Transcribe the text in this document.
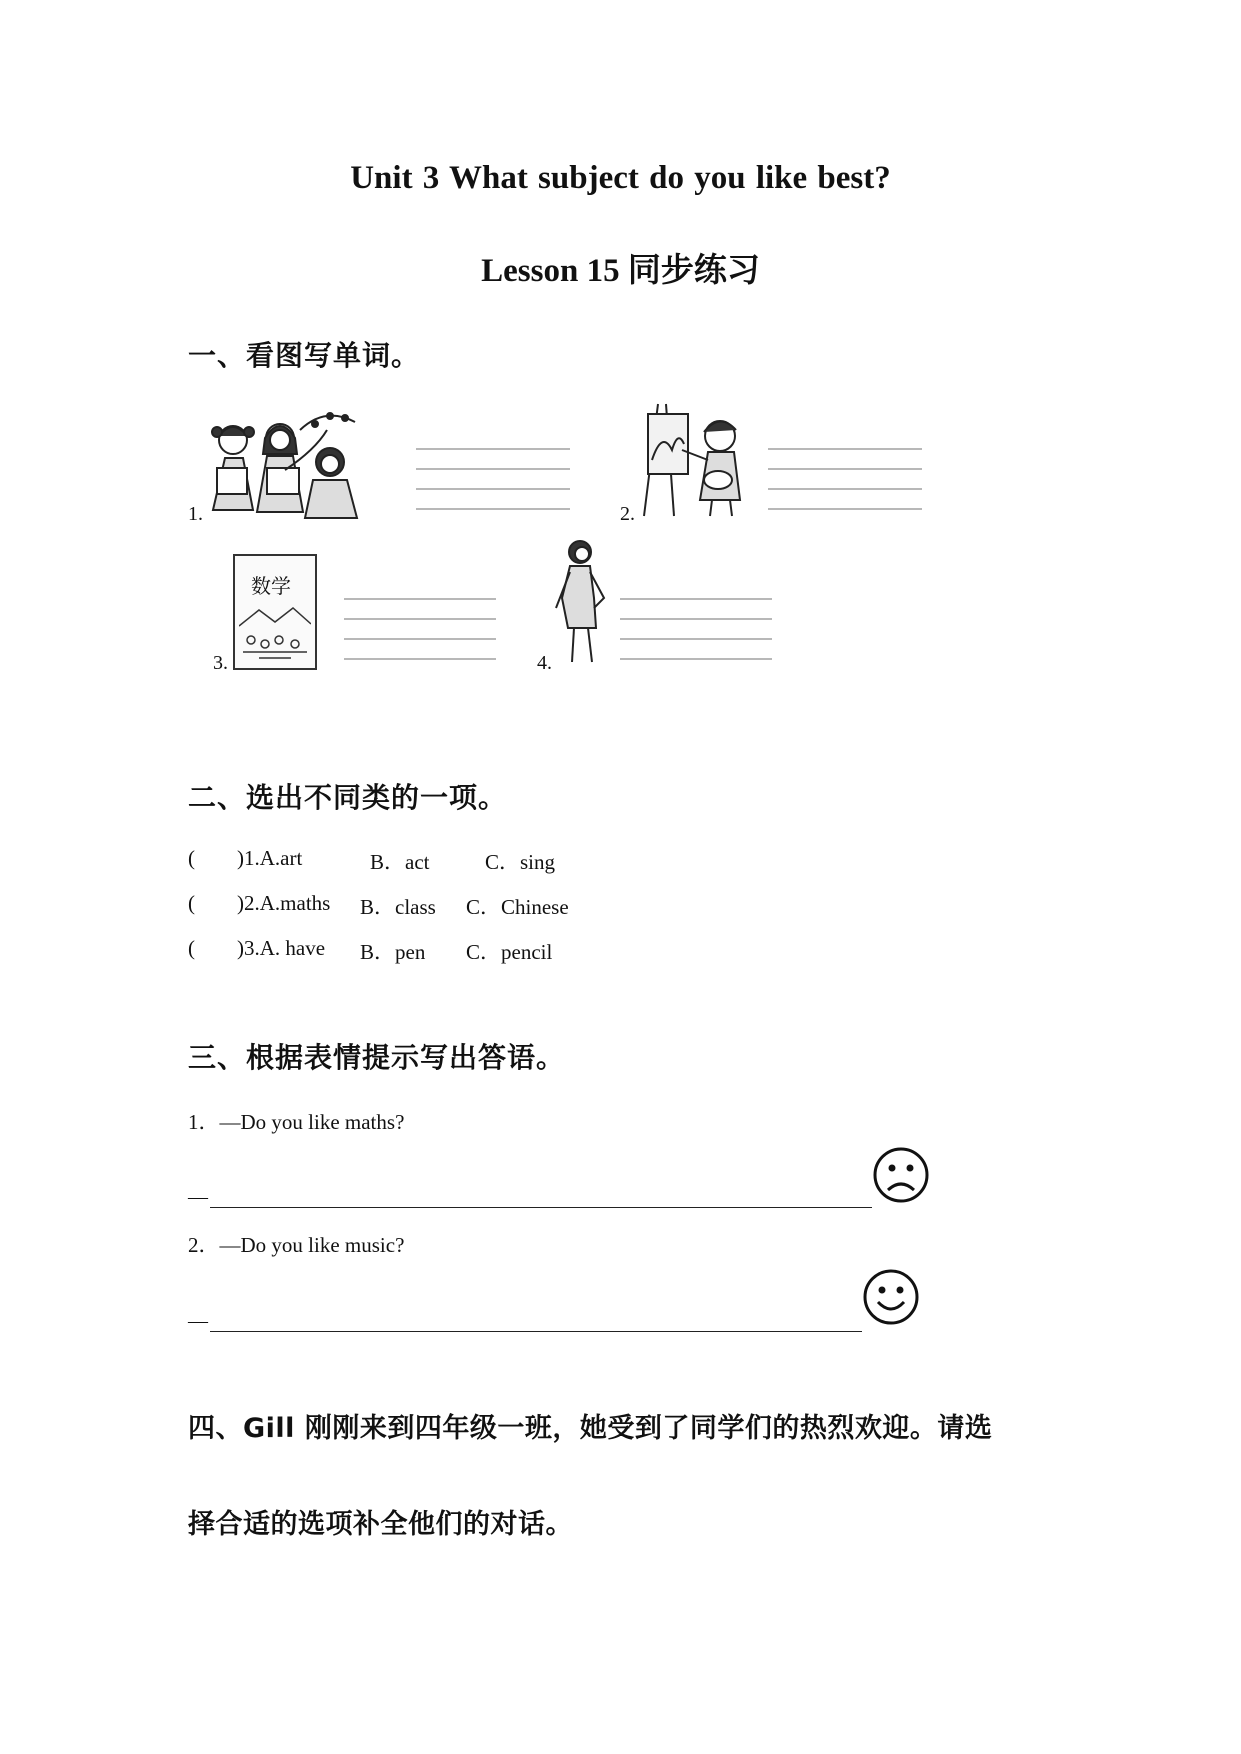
Unit 3 What subject do you like best?
Lesson 15 同步练习
一、看图写单词。
1.	2.
3.
数学
4.
二、选出不同类的一项。
( )1.A.art	B．act	C．sing
( )2.A.maths B．class C．Chinese
( )3.A. have B．pen C．pencil
三、根据表情提示写出答语。
1．—Do you like maths?
—
2．—Do you like music?
—
四、Gill 刚刚来到四年级一班，她受到了同学们的热烈欢迎。请选
择合适的选项补全他们的对话。
